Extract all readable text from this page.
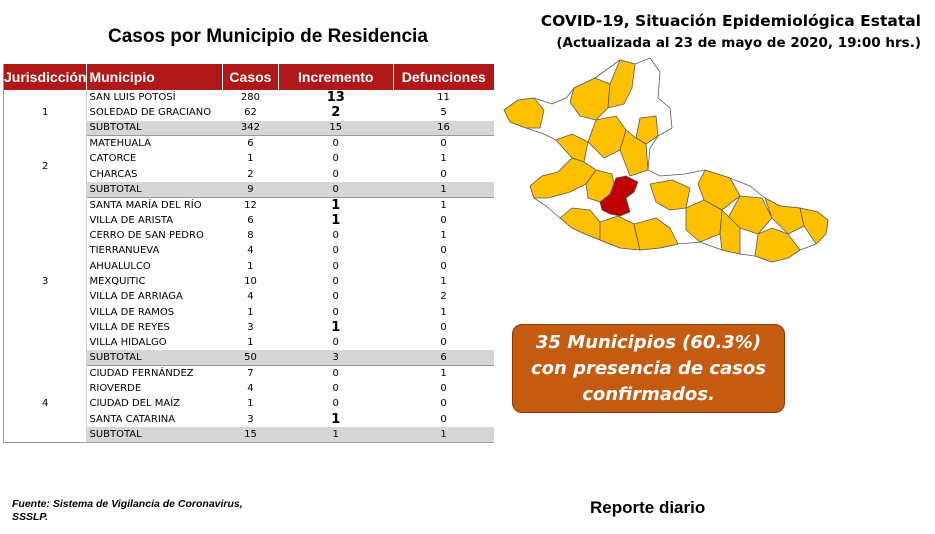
Casos por Municipio de Residencia
COVID-19, Situación Epidemiológica Estatal
(Actualizada al 23 de mayo de 2020, 19:00 hrs.)
Jurisdicción	Municipio	Casos	Incremento	Defunciones
1	SAN LUIS POTOSÍ	280	13	11
	SOLEDAD DE GRACIANO	62	2	5
	SUBTOTAL	342	15	16
2	MATEHUALA	6	0	0
	CATORCE	1	0	1
	CHARCAS	2	0	0
	SUBTOTAL	9	0	1
3	SANTA MARÍA DEL RÍO	12	1	1
	VILLA DE ARISTA	6	1	0
	CERRO DE SAN PEDRO	8	0	1
	TIERRANUEVA	4	0	0
	AHUALULCO	1	0	0
	MEXQUITIC	10	0	1
	VILLA DE ARRIAGA	4	0	2
	VILLA DE RAMOS	1	0	1
	VILLA DE REYES	3	1	0
	VILLA HIDALGO	1	0	0
	SUBTOTAL	50	3	6
4	CIUDAD FERNÁNDEZ	7	0	1
	RIOVERDE	4	0	0
	CIUDAD DEL MAÍZ	1	0	0
	SANTA CATARINA	3	1	0
	SUBTOTAL	15	1	1
35 Municipios (60.3%)
con presencia de casos
confirmados.
Fuente: Sistema de Vigilancia de Coronavirus,
SSSLP.	Reporte diario
